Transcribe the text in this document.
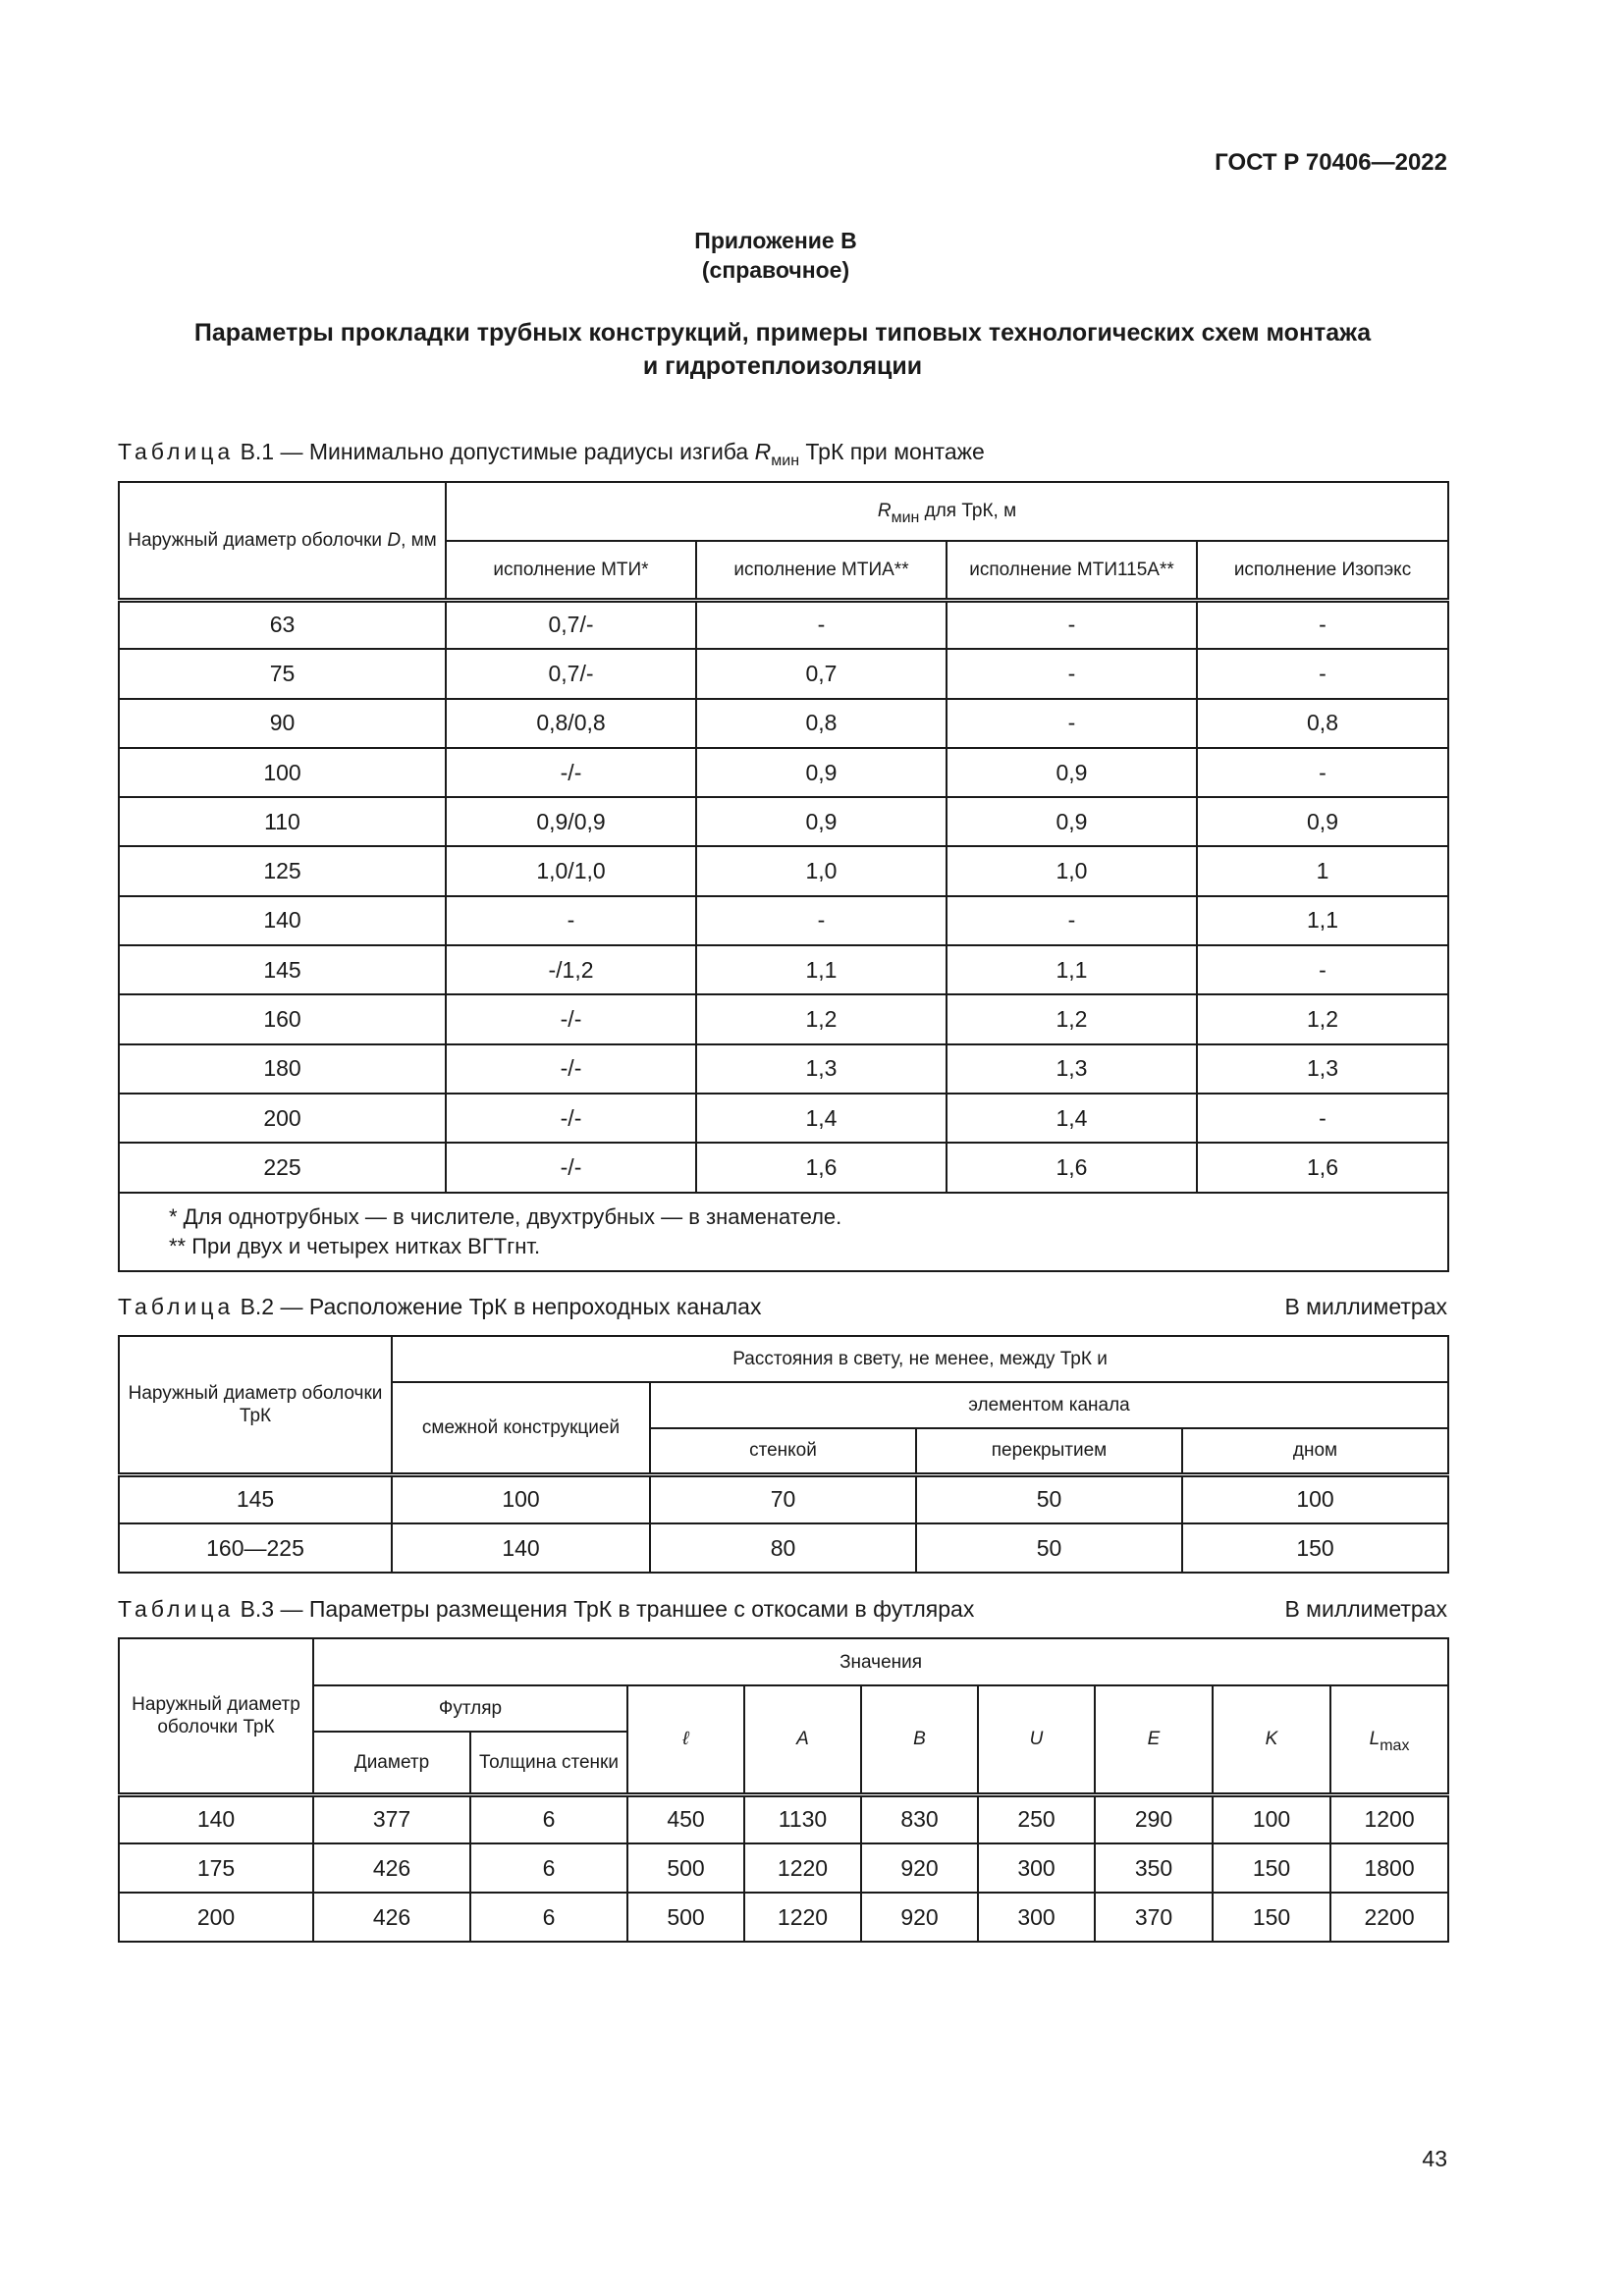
ГОСТ Р 70406—2022
Приложение В
(справочное)
Параметры прокладки трубных конструкций, примеры типовых технологических схем монтажа
и гидротеплоизоляции
Таблица В.1 — Минимально допустимые радиусы изгиба $R_{мин}$ ТрК при монтаже
Наружный диаметр оболочки D, мм	$R_{мин}$ для ТрК, м			
	исполнение МТИ*	исполнение МТИА**	исполнение МТИ115А**	исполнение Изопэкс
63	0,7/-	-	-	-
75	0,7/-	0,7	-	-
90	0,8/0,8	0,8	-	0,8
100	-/-	0,9	0,9	-
110	0,9/0,9	0,9	0,9	0,9
125	1,0/1,0	1,0	1,0	1
140	-	-	-	1,1
145	-/1,2	1,1	1,1	-
160	-/-	1,2	1,2	1,2
180	-/-	1,3	1,3	1,3
200	-/-	1,4	1,4	-
225	-/-	1,6	1,6	1,6

* Для однотрубных — в числителе, двухтрубных — в знаменателе.
** При двух и четырех нитках ВГТгнт.				
Таблица В.2 — Расположение ТрК в непроходных каналах	В миллиметрах
Наружный диаметр оболочки ТрК	Расстояния в свету, не менее, между ТрК и			
	смежной конструкцией	элементом канала		
		стенкой	перекрытием	дном
145	100	70	50	100
160—225	140	80	50	150
Таблица В.3 — Параметры размещения ТрК в траншее с откосами в футлярах	В миллиметрах
Наружный диаметр оболочки ТрК	Значения								
	Футляр		ℓ	A	B	U	E	K	$L_{max}$
	Диаметр	Толщина стенки							
140	377	6	450	1130	830	250	290	100	1200
175	426	6	500	1220	920	300	350	150	1800
200	426	6	500	1220	920	300	370	150	2200
43
